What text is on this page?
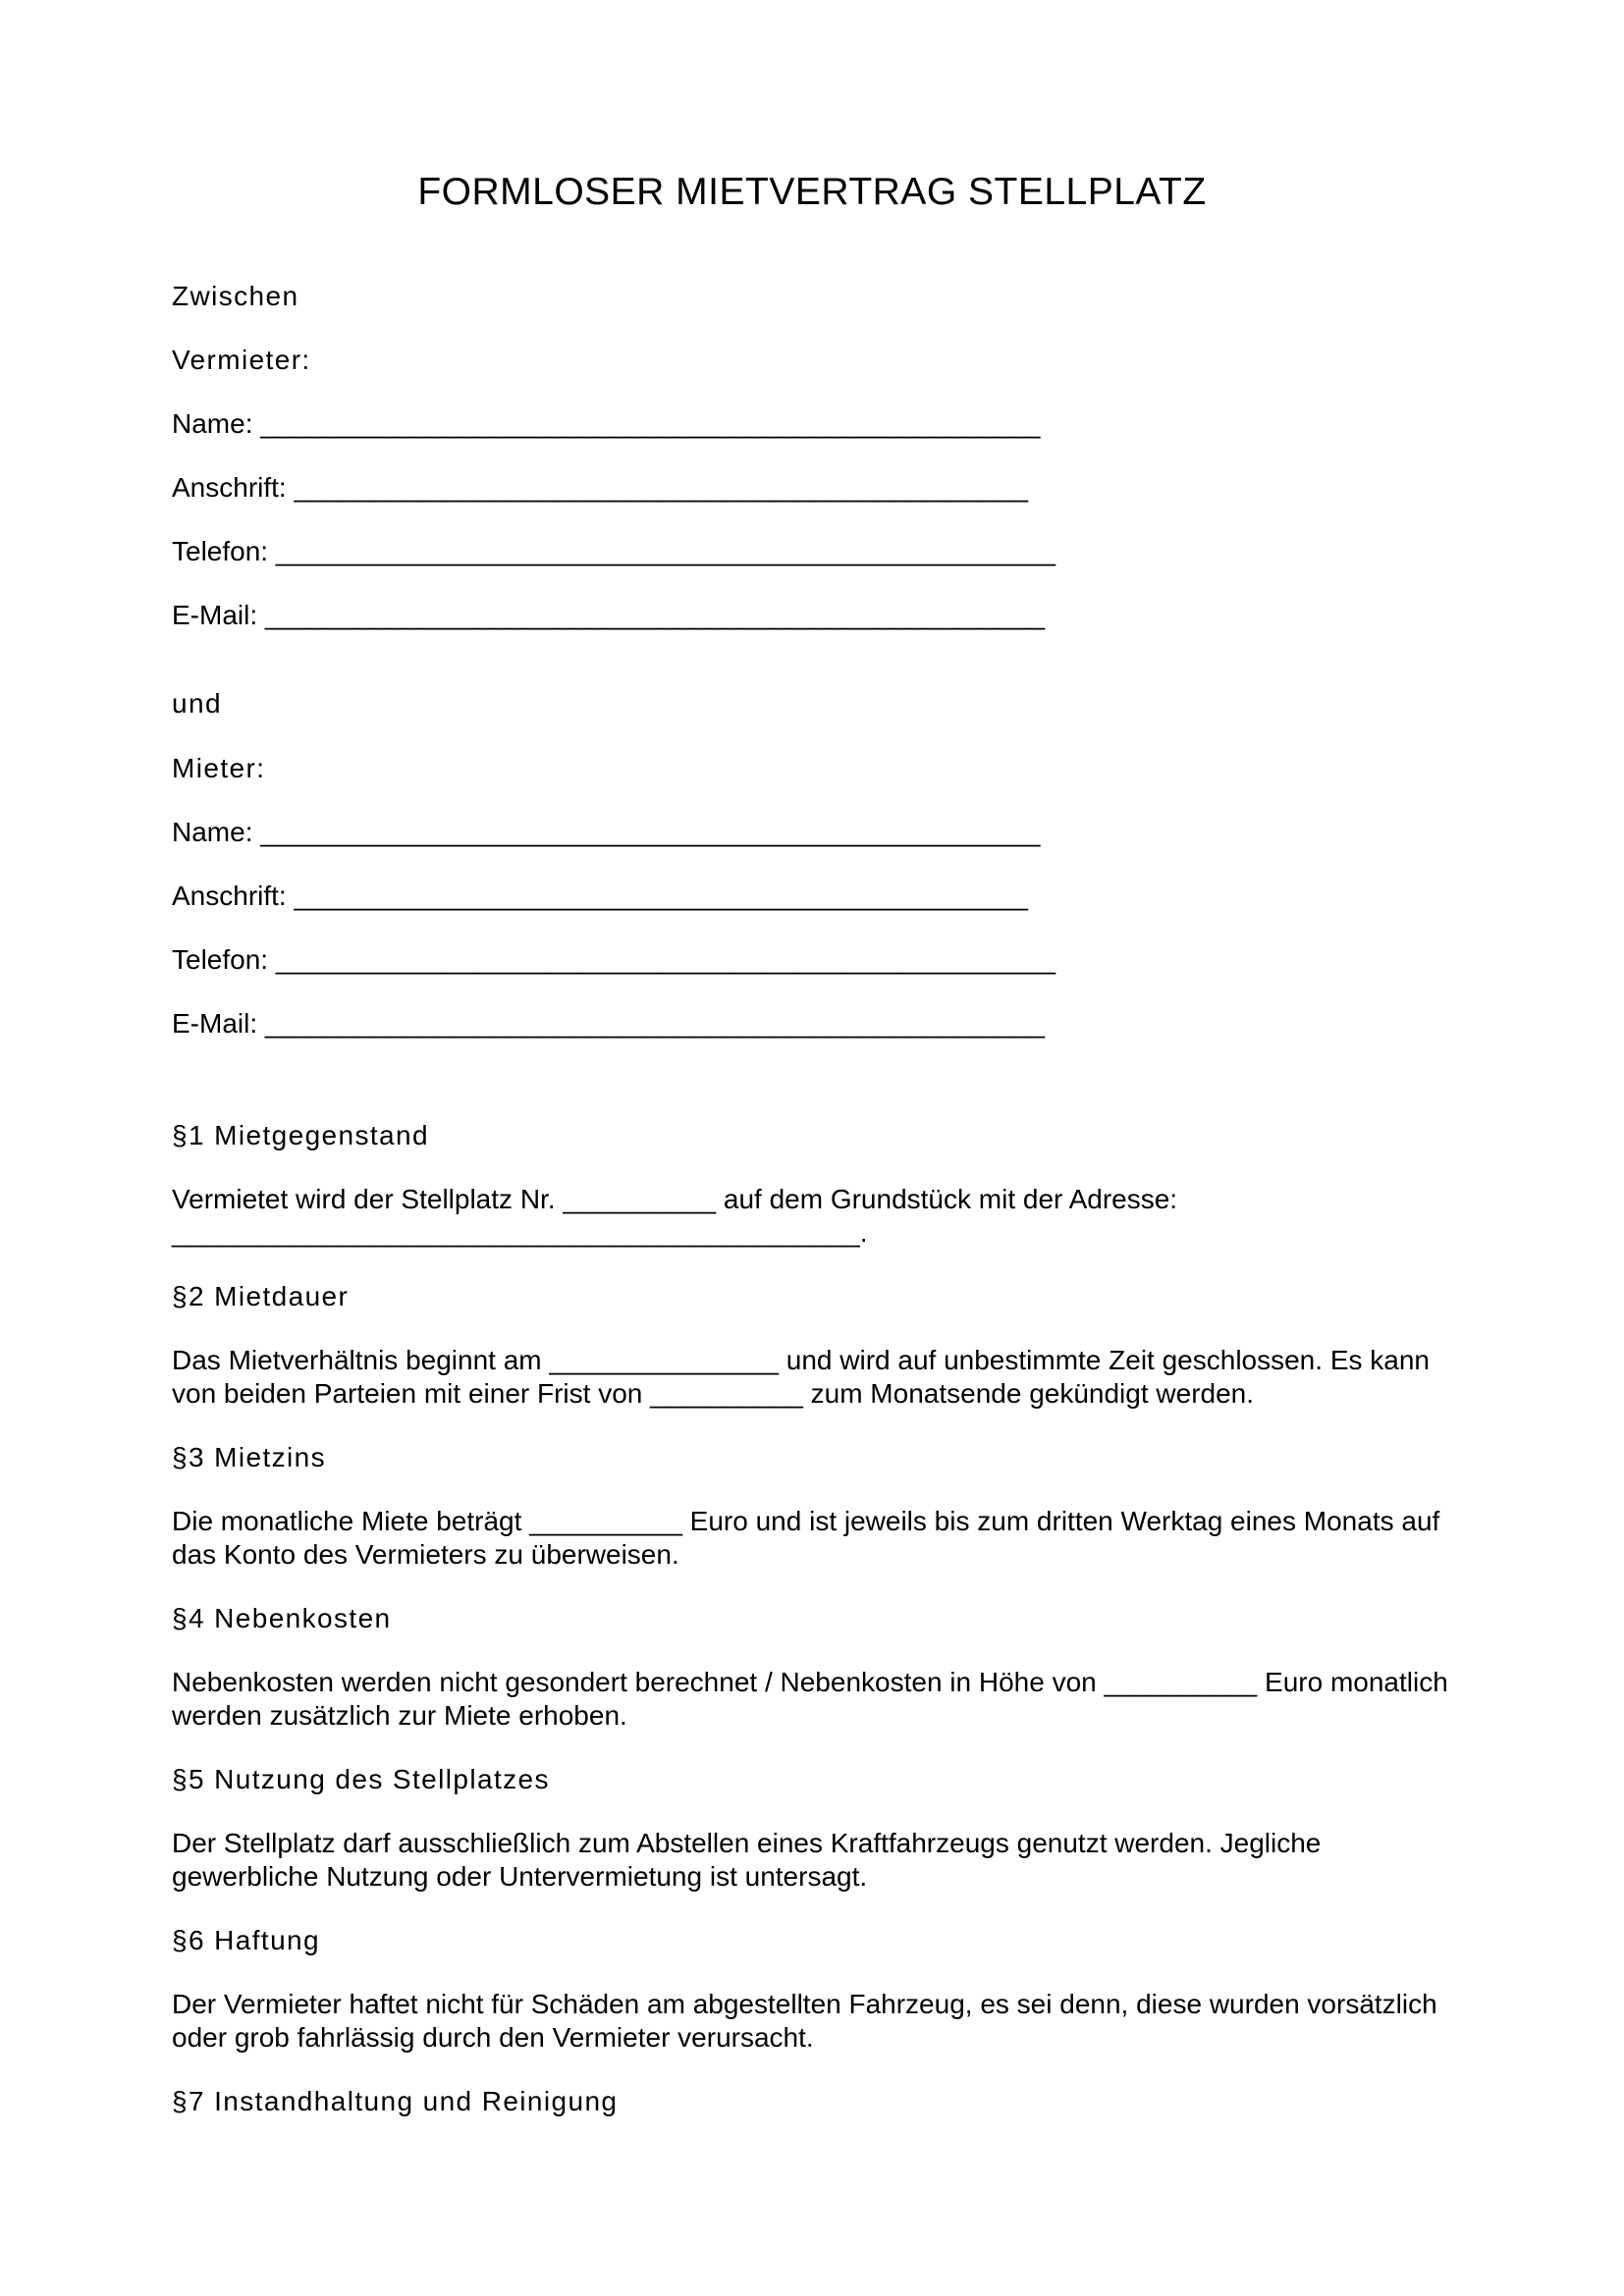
FORMLOSER MIETVERTRAG STELLPLATZ
Zwischen
Vermieter:
Name: ___________________________________________________
Anschrift: ________________________________________________
Telefon: ___________________________________________________
E-Mail: ___________________________________________________
und
Mieter:
Name: ___________________________________________________
Anschrift: ________________________________________________
Telefon: ___________________________________________________
E-Mail: ___________________________________________________
§1 Mietgegenstand

Vermietet wird der Stellplatz Nr. __________ auf dem Grundstück mit der Adresse:

_____________________________________________.

§2 Mietdauer

Das Mietverhältnis beginnt am _______________ und wird auf unbestimmte Zeit geschlossen. Es kann

von beiden Parteien mit einer Frist von __________ zum Monatsende gekündigt werden.

§3 Mietzins

Die monatliche Miete beträgt __________ Euro und ist jeweils bis zum dritten Werktag eines Monats auf

das Konto des Vermieters zu überweisen.

§4 Nebenkosten

Nebenkosten werden nicht gesondert berechnet / Nebenkosten in Höhe von __________ Euro monatlich

werden zusätzlich zur Miete erhoben.

§5 Nutzung des Stellplatzes

Der Stellplatz darf ausschließlich zum Abstellen eines Kraftfahrzeugs genutzt werden. Jegliche

gewerbliche Nutzung oder Untervermietung ist untersagt.

§6 Haftung

Der Vermieter haftet nicht für Schäden am abgestellten Fahrzeug, es sei denn, diese wurden vorsätzlich

oder grob fahrlässig durch den Vermieter verursacht.

§7 Instandhaltung und Reinigung
